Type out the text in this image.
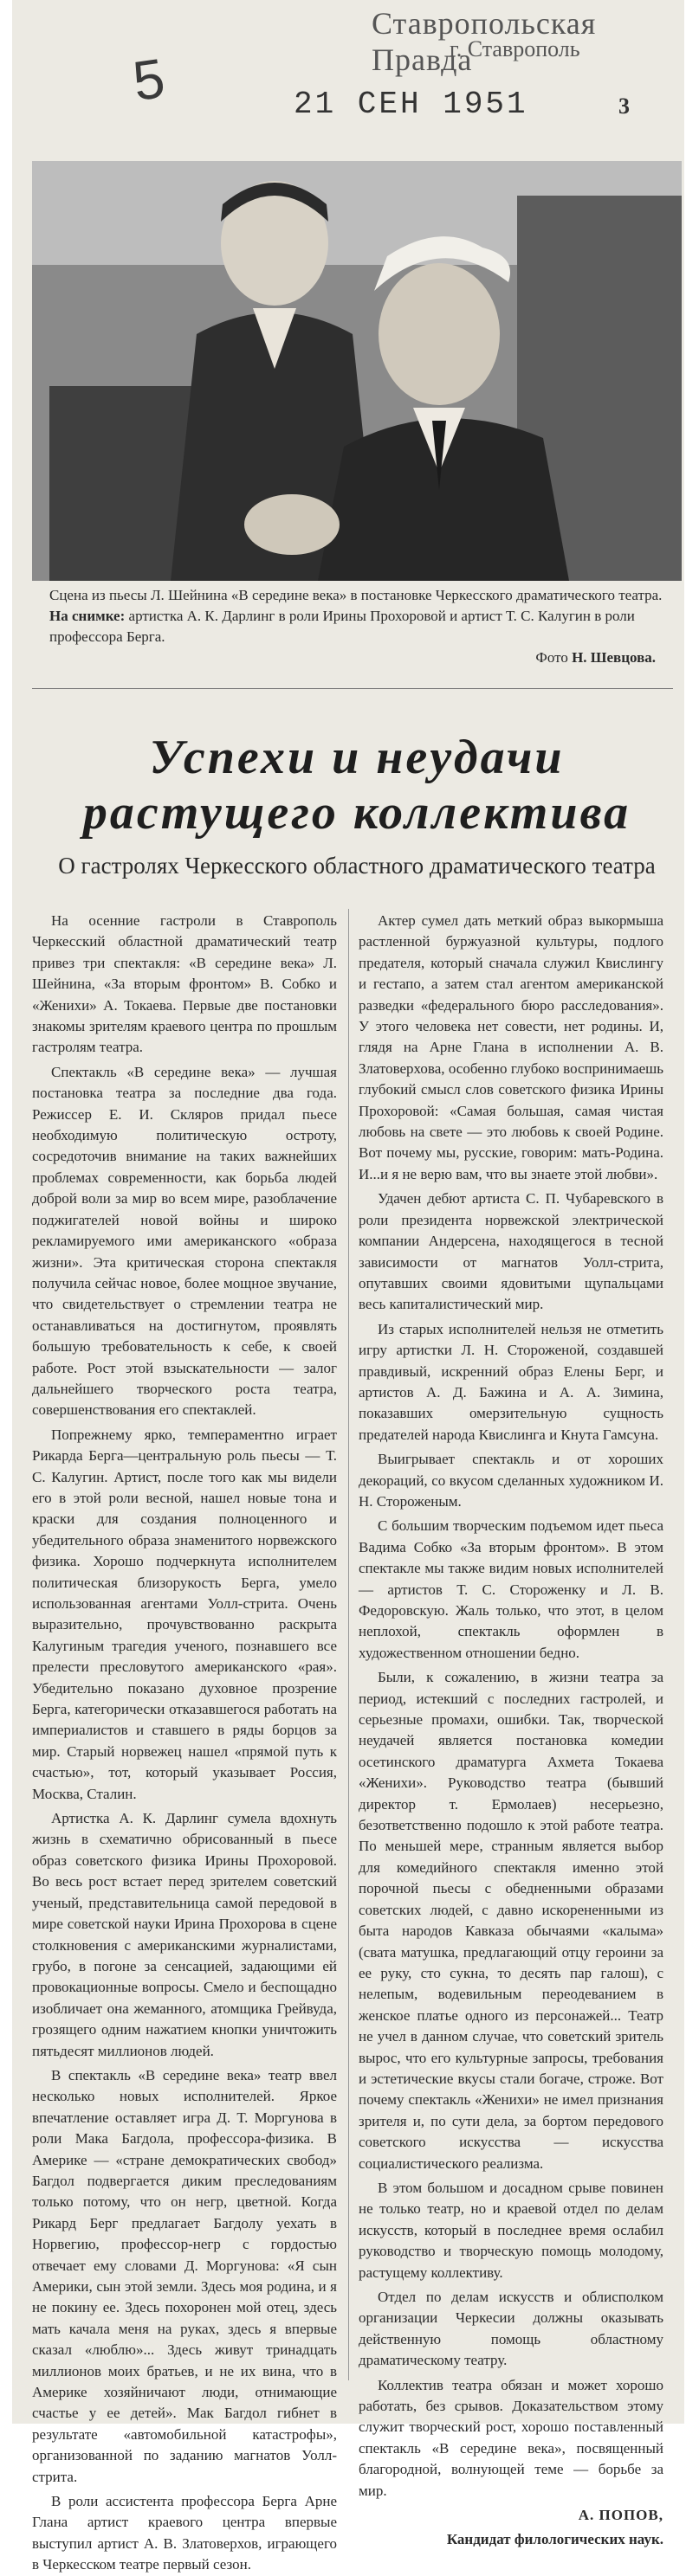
5
Ставропольская Правда
г. Ставрополь
21 СЕН 1951	3

Сцена из пьесы Л. Шейнина «В середине века» в постановке Черкесского драматического театра.

На снимке: артистка А. К. Дарлинг в роли Ирины Прохоровой и артист Т. С. Калугин в роли профессора Берга.

Фото Н. Шевцова.

Успехи и неудачи растущего коллектива
О гастролях Черкесского областного драматического театра

На осенние гастроли в Ставрополь Черкесский областной драматический театр привез три спектакля: «В середине века» Л. Шейнина, «За вторым фронтом» В. Собко и «Женихи» А. Токаева. Первые две постановки знакомы зрителям краевого центра по прошлым гастролям театра.

Спектакль «В середине века» — лучшая постановка театра за последние два года. Режиссер Е. И. Скляров придал пьесе необходимую политическую остроту, сосредоточив внимание на таких важнейших проблемах современности, как борьба людей доброй воли за мир во всем мире, разоблачение поджигателей новой войны и широко рекламируемого ими американского «образа жизни». Эта критическая сторона спектакля получила сейчас новое, более мощное звучание, что свидетельствует о стремлении театра не останавливаться на достигнутом, проявлять большую требовательность к себе, к своей работе. Рост этой взыскательности — залог дальнейшего творческого роста театра, совершенствования его спектаклей.

Попрежнему ярко, темпераментно играет Рикарда Берга—центральную роль пьесы — Т. С. Калугин. Артист, после того как мы видели его в этой роли весной, нашел новые тона и краски для создания полноценного и убедительного образа знаменитого норвежского физика. Хорошо подчеркнута исполнителем политическая близорукость Берга, умело использованная агентами Уолл-стрита. Очень выразительно, прочувствованно раскрыта Калугиным трагедия ученого, познавшего все прелести пресловутого американского «рая». Убедительно показано духовное прозрение Берга, категорически отказавшегося работать на империалистов и ставшего в ряды борцов за мир. Старый норвежец нашел «прямой путь к счастью», тот, который указывает Россия, Москва, Сталин.

Артистка А. К. Дарлинг сумела вдохнуть жизнь в схематично обрисованный в пьесе образ советского физика Ирины Прохоровой. Во весь рост встает перед зрителем советский ученый, представительница самой передовой в мире советской науки Ирина Прохорова в сцене столкновения с американскими журналистами, грубо, в погоне за сенсацией, задающими ей провокационные вопросы. Смело и беспощадно изобличает она жеманного, атомщика Грейвуда, грозящего одним нажатием кнопки уничтожить пятьдесят миллионов людей.

В спектакль «В середине века» театр ввел несколько новых исполнителей. Яркое впечатление оставляет игра Д. Т. Моргунова в роли Мака Багдола, профессора-физика. В Америке — «стране демократических свобод» Багдол подвергается диким преследованиям только потому, что он негр, цветной. Когда Рикард Берг предлагает Багдолу уехать в Норвегию, профессор-негр с гордостью отвечает ему словами Д. Моргунова: «Я сын Америки, сын этой земли. Здесь моя родина, и я не покину ее. Здесь похоронен мой отец, здесь мать качала меня на руках, здесь я впервые сказал «люблю»... Здесь живут тринадцать миллионов моих братьев, и не их вина, что в Америке хозяйничают люди, отнимающие счастье у ее детей». Мак Багдол гибнет в результате «автомобильной катастрофы», организованной по заданию магнатов Уолл-стрита.

В роли ассистента профессора Берга Арне Глана артист краевого центра впервые выступил артист А. В. Златоверхов, играющего в Черкесском театре первый сезон.

Актер сумел дать меткий образ выкормыша растленной буржуазной культуры, подлого предателя, который сначала служил Квислингу и гестапо, а затем стал агентом американской разведки «федерального бюро расследования». У этого человека нет совести, нет родины. И, глядя на Арне Глана в исполнении А. В. Златоверхова, особенно глубоко воспринимаешь глубокий смысл слов советского физика Ирины Прохоровой: «Самая большая, самая чистая любовь на свете — это любовь к своей Родине. Вот почему мы, русские, говорим: мать-Родина. И...и я не верю вам, что вы знаете этой любви».

Удачен дебют артиста С. П. Чубаревского в роли президента норвежской электрической компании Андерсена, находящегося в тесной зависимости от магнатов Уолл-стрита, опутавших своими ядовитыми щупальцами весь капиталистический мир.

Из старых исполнителей нельзя не отметить игру артистки Л. Н. Стороженой, создавшей правдивый, искренний образ Елены Берг, и артистов А. Д. Бажина и А. А. Зимина, показавших омерзительную сущность предателей народа Квислинга и Кнута Гамсуна.

Выигрывает спектакль и от хороших декораций, со вкусом сделанных художником И. Н. Стороженым.

С большим творческим подъемом идет пьеса Вадима Собко «За вторым фронтом». В этом спектакле мы также видим новых исполнителей — артистов Т. С. Стороженку и Л. В. Федоровскую. Жаль только, что этот, в целом неплохой, спектакль оформлен в художественном отношении бедно.

Были, к сожалению, в жизни театра за период, истекший с последних гастролей, и серьезные промахи, ошибки. Так, творческой неудачей является постановка комедии осетинского драматурга Ахмета Токаева «Женихи». Руководство театра (бывший директор т. Ермолаев) несерьезно, безответственно подошло к этой работе театра. По меньшей мере, странным является выбор для комедийного спектакля именно этой порочной пьесы с обедненными образами советских людей, с давно искорененными из быта народов Кавказа обычаями «калыма» (свата матушка, предлагающий отцу героини за ее руку, сто сукна, то десять пар галош), с нелепым, водевильным переодеванием в женское платье одного из персонажей... Театр не учел в данном случае, что советский зритель вырос, что его культурные запросы, требования и эстетические вкусы стали богаче, строже. Вот почему спектакль «Женихи» не имел признания зрителя и, по сути дела, за бортом передового советского искусства — искусства социалистического реализма.

В этом большом и досадном срыве повинен не только театр, но и краевой отдел по делам искусств, который в последнее время ослабил руководство и творческую помощь молодому, растущему коллективу.

Отдел по делам искусств и облисполком организации Черкесии должны оказывать действенную помощь областному драматическому театру.

Коллектив театра обязан и может хорошо работать, без срывов. Доказательством этому служит творческий рост, хорошо поставленный спектакль «В середине века», посвященный благородной, волнующей теме — борьбе за мир.

А. ПОПОВ,

Кандидат филологических наук.
